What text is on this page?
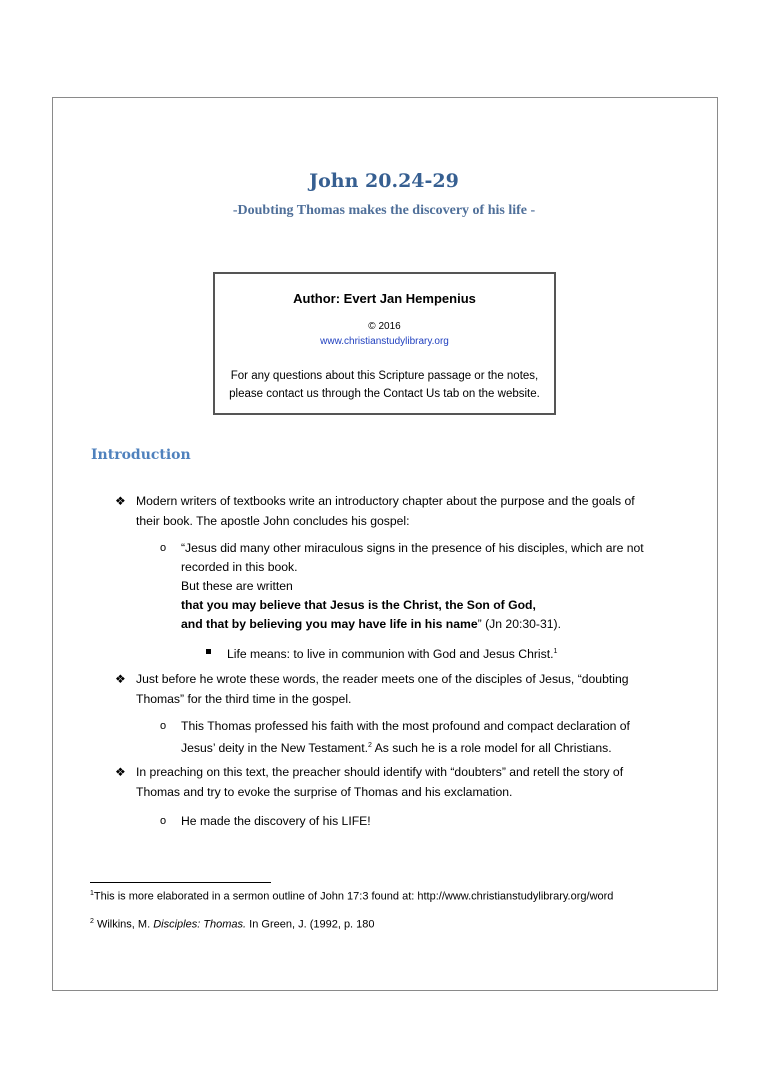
John 20.24-29
-Doubting Thomas makes the discovery of his life -
Author: Evert Jan Hempenius
© 2016
www.christianstudylibrary.org
For any questions about this Scripture passage or the notes,
please contact us through the Contact Us tab on the website.
Introduction
❖ Modern writers of textbooks write an introductory chapter about the purpose and the goals of
their book. The apostle John concludes his gospel:
o “Jesus did many other miraculous signs in the presence of his disciples, which are not
recorded in this book.
But these are written
that you may believe that Jesus is the Christ, the Son of God,
and that by believing you may have life in his name” (Jn 20:30-31).
Life means: to live in communion with God and Jesus Christ.$^1$
❖ Just before he wrote these words, the reader meets one of the disciples of Jesus, “doubting
Thomas” for the third time in the gospel.
o This Thomas professed his faith with the most profound and compact declaration of
Jesus’ deity in the New Testament.$^2$ As such he is a role model for all Christians.
❖ In preaching on this text, the preacher should identify with “doubters” and retell the story of
Thomas and try to evoke the surprise of Thomas and his exclamation.
o He made the discovery of his LIFE!
$^1$This is more elaborated in a sermon outline of John 17:3 found at: http://www.christianstudylibrary.org/word
$^2$ Wilkins, M. Disciples: Thomas. In Green, J. (1992, p. 180
